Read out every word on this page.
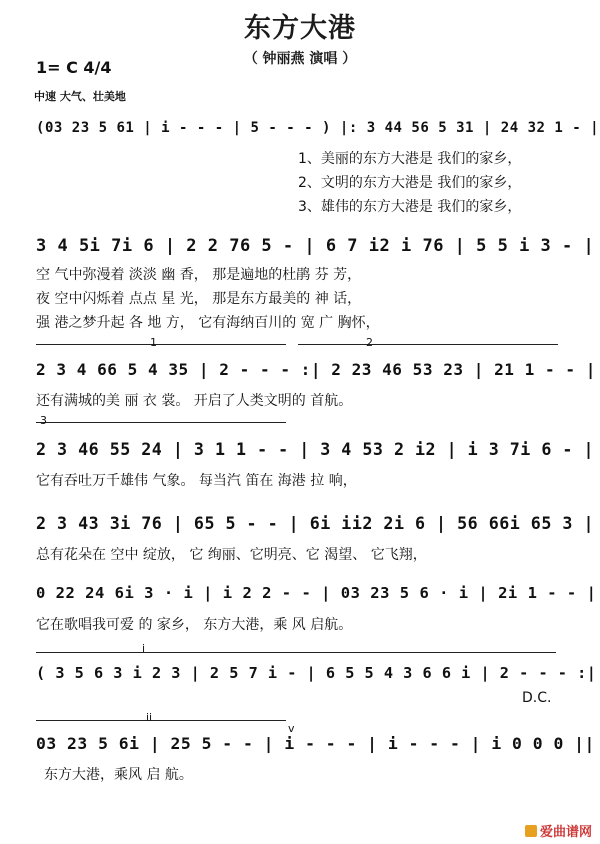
东方大港
（ 钟丽燕 演唱 ）
1= C 4/4
中速 大气、壮美地
(03 23 5 61 | i - - - | 5 - - - ) |: 3 44 56 5 31 | 24 32 1 - |
1、美丽的东方大港是 我们的家乡，
2、文明的东方大港是 我们的家乡，
3、雄伟的东方大港是 我们的家乡，
3 4 5i 7i 6 | 2 2 76 5 - | 6 7 i2 i 76 | 5 5 i 3 - |
空 气中弥漫着 淡淡 幽 香， 那是遍地的杜鹃 芬 芳，
夜 空中闪烁着 点点 星 光， 那是东方最美的 神 话，
强 港之梦升起 各 地 方， 它有海纳百川的 宽 广 胸怀，
1	2
2 3 4 66 5 4 35 | 2 - - - :| 2 23 46 53 23 | 21 1 - - |
还有满城的美 丽 衣 裳。 开启了人类文明的 首航。
3
2 3 46 55 24 | 3 1 1 - - | 3 4 53 2 i2 | i 3 7i 6 - |
它有吞吐万千雄伟 气象。 每当汽 笛在 海港 拉 响，
2 3 43 3i 76 | 65 5 - - | 6i ii2 2i 6 | 56 66i 65 3 |
总有花朵在 空中 绽放， 它 绚丽、它明亮、它 渴望、 它飞翔，
0 22 24 6i 3 · i | i 2 2 - - | 03 23 5 6 · i | 2i 1 - - |
它在歌唱我可爱 的 家乡， 东方大港，乘 风 启航。
i
( 3 5 6 3 i 2 3 | 2 5 7 i - | 6 5 5 4 3 6 6 i | 2 - - - :|
D.C.
ii
v
03 23 5 6i | 25 5 - - | i - - - | i - - - | i 0 0 0 ||
东方大港，乘风 启 航。
爱曲谱网
